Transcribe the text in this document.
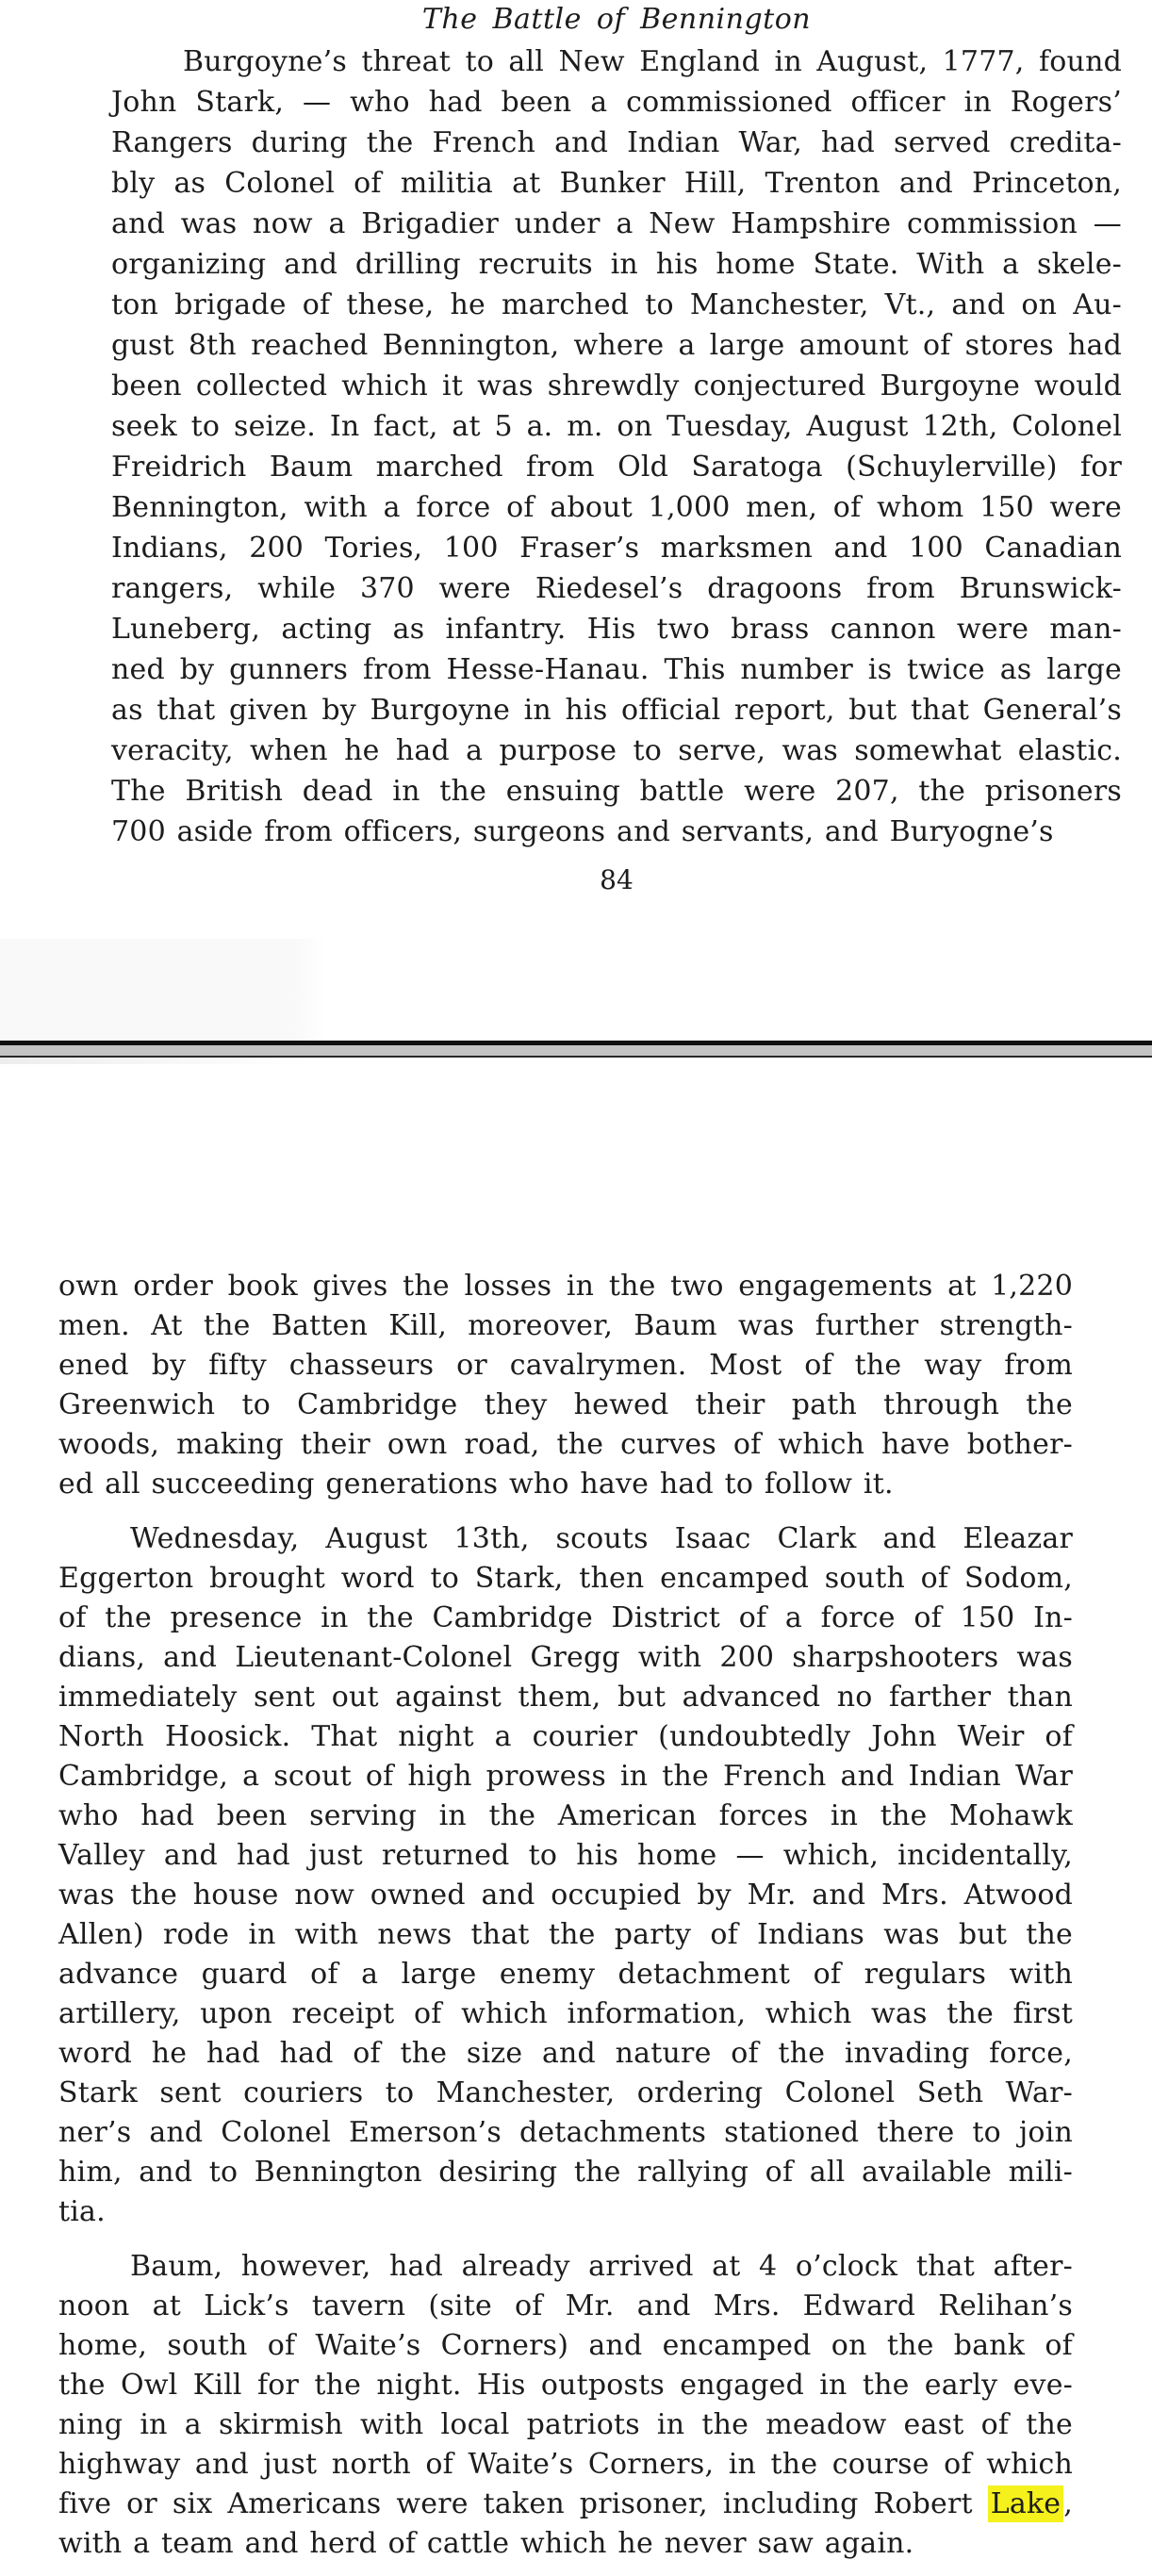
The Battle of Bennington
Burgoyne’s threat to all New England in August, 1777, found
John Stark, — who had been a commissioned officer in Rogers’
Rangers during the French and Indian War, had served credita-
bly as Colonel of militia at Bunker Hill, Trenton and Princeton,
and was now a Brigadier under a New Hampshire commission —
organizing and drilling recruits in his home State. With a skele-
ton brigade of these, he marched to Manchester, Vt., and on Au-
gust 8th reached Bennington, where a large amount of stores had
been collected which it was shrewdly conjectured Burgoyne would
seek to seize. In fact, at 5 a. m. on Tuesday, August 12th, Colonel
Freidrich Baum marched from Old Saratoga (Schuylerville) for
Bennington, with a force of about 1,000 men, of whom 150 were
Indians, 200 Tories, 100 Fraser’s marksmen and 100 Canadian
rangers, while 370 were Riedesel’s dragoons from Brunswick-
Luneberg, acting as infantry. His two brass cannon were man-
ned by gunners from Hesse-Hanau. This number is twice as large
as that given by Burgoyne in his official report, but that General’s
veracity, when he had a purpose to serve, was somewhat elastic.
The British dead in the ensuing battle were 207, the prisoners
700 aside from officers, surgeons and servants, and Buryogne’s
84
own order book gives the losses in the two engagements at 1,220
men. At the Batten Kill, moreover, Baum was further strength-
ened by fifty chasseurs or cavalrymen. Most of the way from
Greenwich to Cambridge they hewed their path through the
woods, making their own road, the curves of which have bother-
ed all succeeding generations who have had to follow it.
Wednesday, August 13th, scouts Isaac Clark and Eleazar
Eggerton brought word to Stark, then encamped south of Sodom,
of the presence in the Cambridge District of a force of 150 In-
dians, and Lieutenant-Colonel Gregg with 200 sharpshooters was
immediately sent out against them, but advanced no farther than
North Hoosick. That night a courier (undoubtedly John Weir of
Cambridge, a scout of high prowess in the French and Indian War
who had been serving in the American forces in the Mohawk
Valley and had just returned to his home — which, incidentally,
was the house now owned and occupied by Mr. and Mrs. Atwood
Allen) rode in with news that the party of Indians was but the
advance guard of a large enemy detachment of regulars with
artillery, upon receipt of which information, which was the first
word he had had of the size and nature of the invading force,
Stark sent couriers to Manchester, ordering Colonel Seth War-
ner’s and Colonel Emerson’s detachments stationed there to join
him, and to Bennington desiring the rallying of all available mili-
tia.
Baum, however, had already arrived at 4 o’clock that after-
noon at Lick’s tavern (site of Mr. and Mrs. Edward Relihan’s
home, south of Waite’s Corners) and encamped on the bank of
the Owl Kill for the night. His outposts engaged in the early eve-
ning in a skirmish with local patriots in the meadow east of the
highway and just north of Waite’s Corners, in the course of which
five or six Americans were taken prisoner, including Robert Lake ,
with a team and herd of cattle which he never saw again.
